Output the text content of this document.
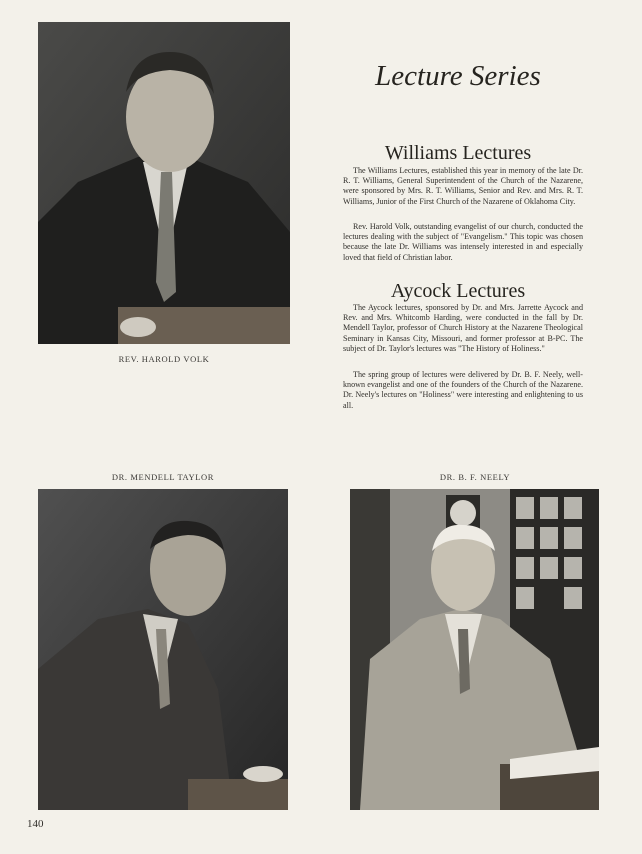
REV. HAROLD VOLK
Lecture Series
Williams Lectures

The Williams Lectures, established this year in memory of the late Dr. R. T. Williams, General Superintendent of the Church of the Nazarene, were sponsored by Mrs. R. T. Williams, Senior and Rev. and Mrs. R. T. Williams, Junior of the First Church of the Nazarene of Oklahoma City.

Rev. Harold Volk, outstanding evangelist of our church, conducted the lectures dealing with the subject of "Evangelism." This topic was chosen because the late Dr. Williams was intensely interested in and especially loved that field of Christian labor.

Aycock Lectures

The Aycock lectures, sponsored by Dr. and Mrs. Jarrette Aycock and Rev. and Mrs. Whitcomb Harding, were conducted in the fall by Dr. Mendell Taylor, professor of Church History at the Nazarene Theological Seminary in Kansas City, Missouri, and former professor at B-PC. The subject of Dr. Taylor's lectures was "The History of Holiness."

The spring group of lectures were delivered by Dr. B. F. Neely, well-known evangelist and one of the founders of the Church of the Nazarene. Dr. Neely's lectures on "Holiness" were interesting and enlightening to us all.

DR. MENDELL TAYLOR	DR. B. F. NEELY
140
